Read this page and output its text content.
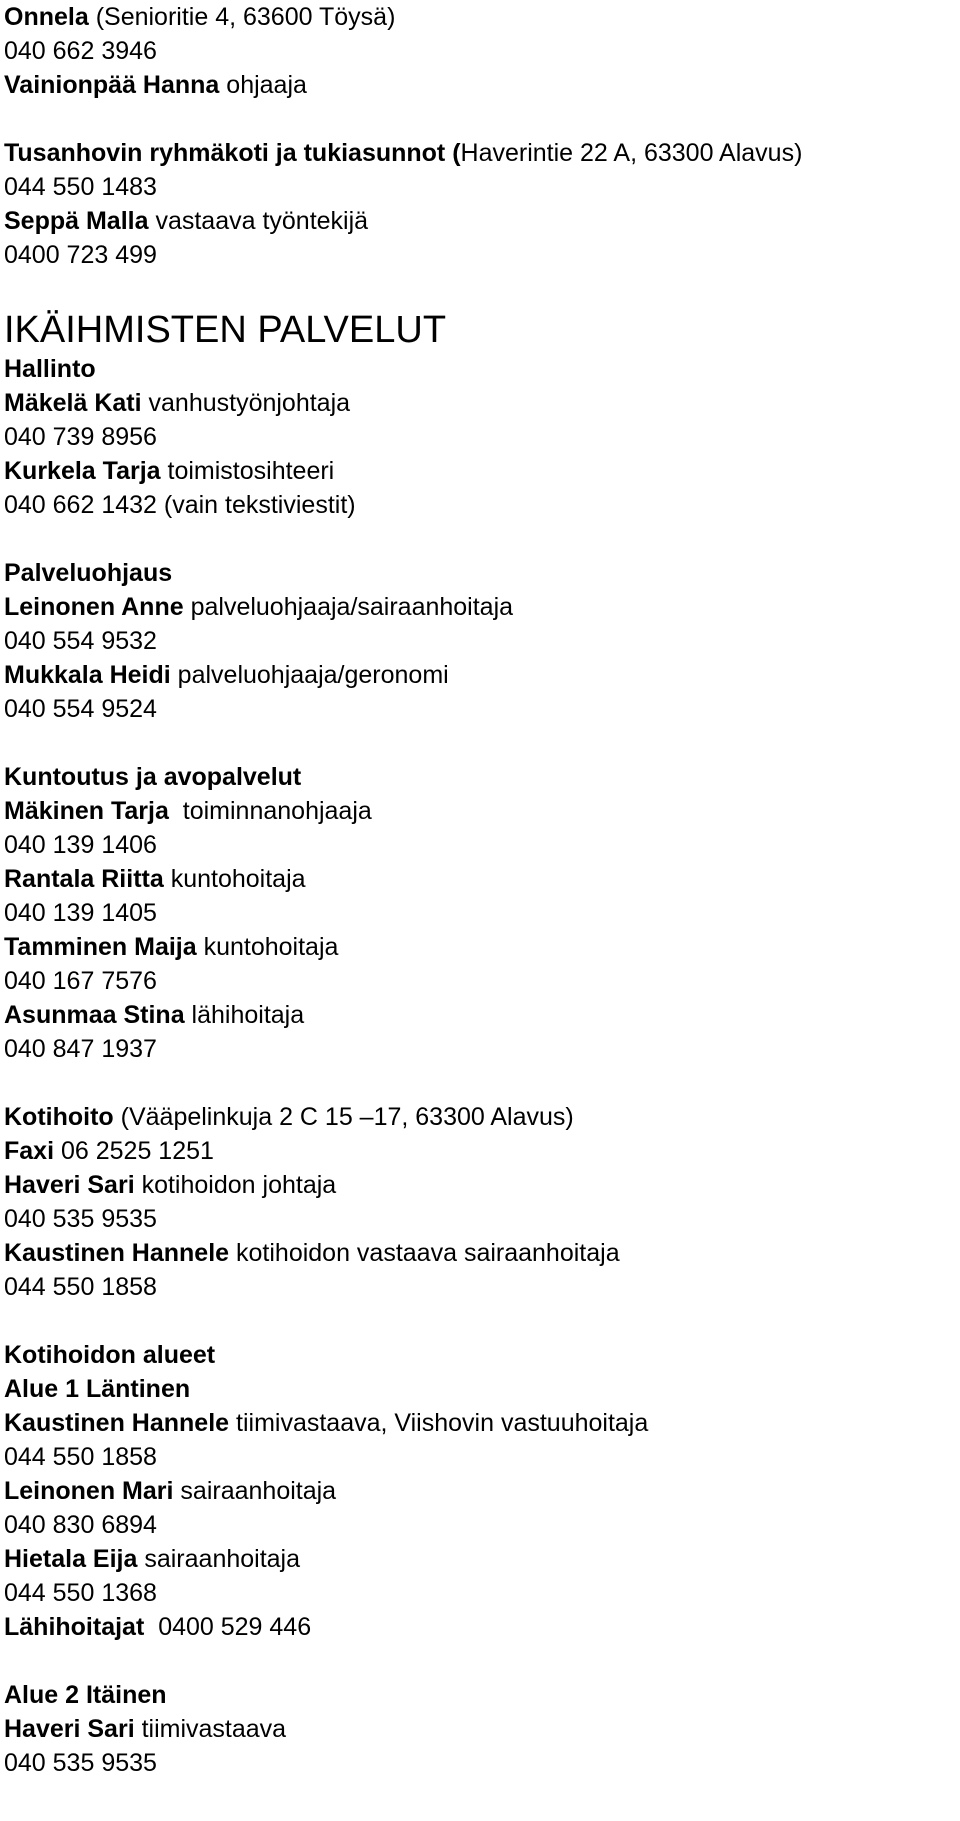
Onnela (Senioritie 4, 63600 Töysä)
040 662 3946
Vainionpää Hanna ohjaaja
Tusanhovin ryhmäkoti ja tukiasunnot (Haverintie 22 A, 63300 Alavus)
044 550 1483
Seppä Malla vastaava työntekijä
0400 723 499
IKÄIHMISTEN PALVELUT
Hallinto
Mäkelä Kati vanhustyönjohtaja
040 739 8956
Kurkela Tarja toimistosihteeri
040 662 1432 (vain tekstiviestit)
Palveluohjaus
Leinonen Anne palveluohjaaja/sairaanhoitaja
040 554 9532
Mukkala Heidi palveluohjaaja/geronomi
040 554 9524
Kuntoutus ja avopalvelut
Mäkinen Tarja  toiminnanohjaaja
040 139 1406
Rantala Riitta kuntohoitaja
040 139 1405
Tamminen Maija kuntohoitaja
040 167 7576
Asunmaa Stina lähihoitaja
040 847 1937
Kotihoito (Vääpelinkuja 2 C 15 –17, 63300 Alavus)
Faxi 06 2525 1251
Haveri Sari kotihoidon johtaja
040 535 9535
Kaustinen Hannele kotihoidon vastaava sairaanhoitaja
044 550 1858
Kotihoidon alueet
Alue 1 Läntinen
Kaustinen Hannele tiimivastaava, Viishovin vastuuhoitaja
044 550 1858
Leinonen Mari sairaanhoitaja
040 830 6894
Hietala Eija sairaanhoitaja
044 550 1368
Lähihoitajat  0400 529 446
Alue 2 Itäinen
Haveri Sari tiimivastaava
040 535 9535
